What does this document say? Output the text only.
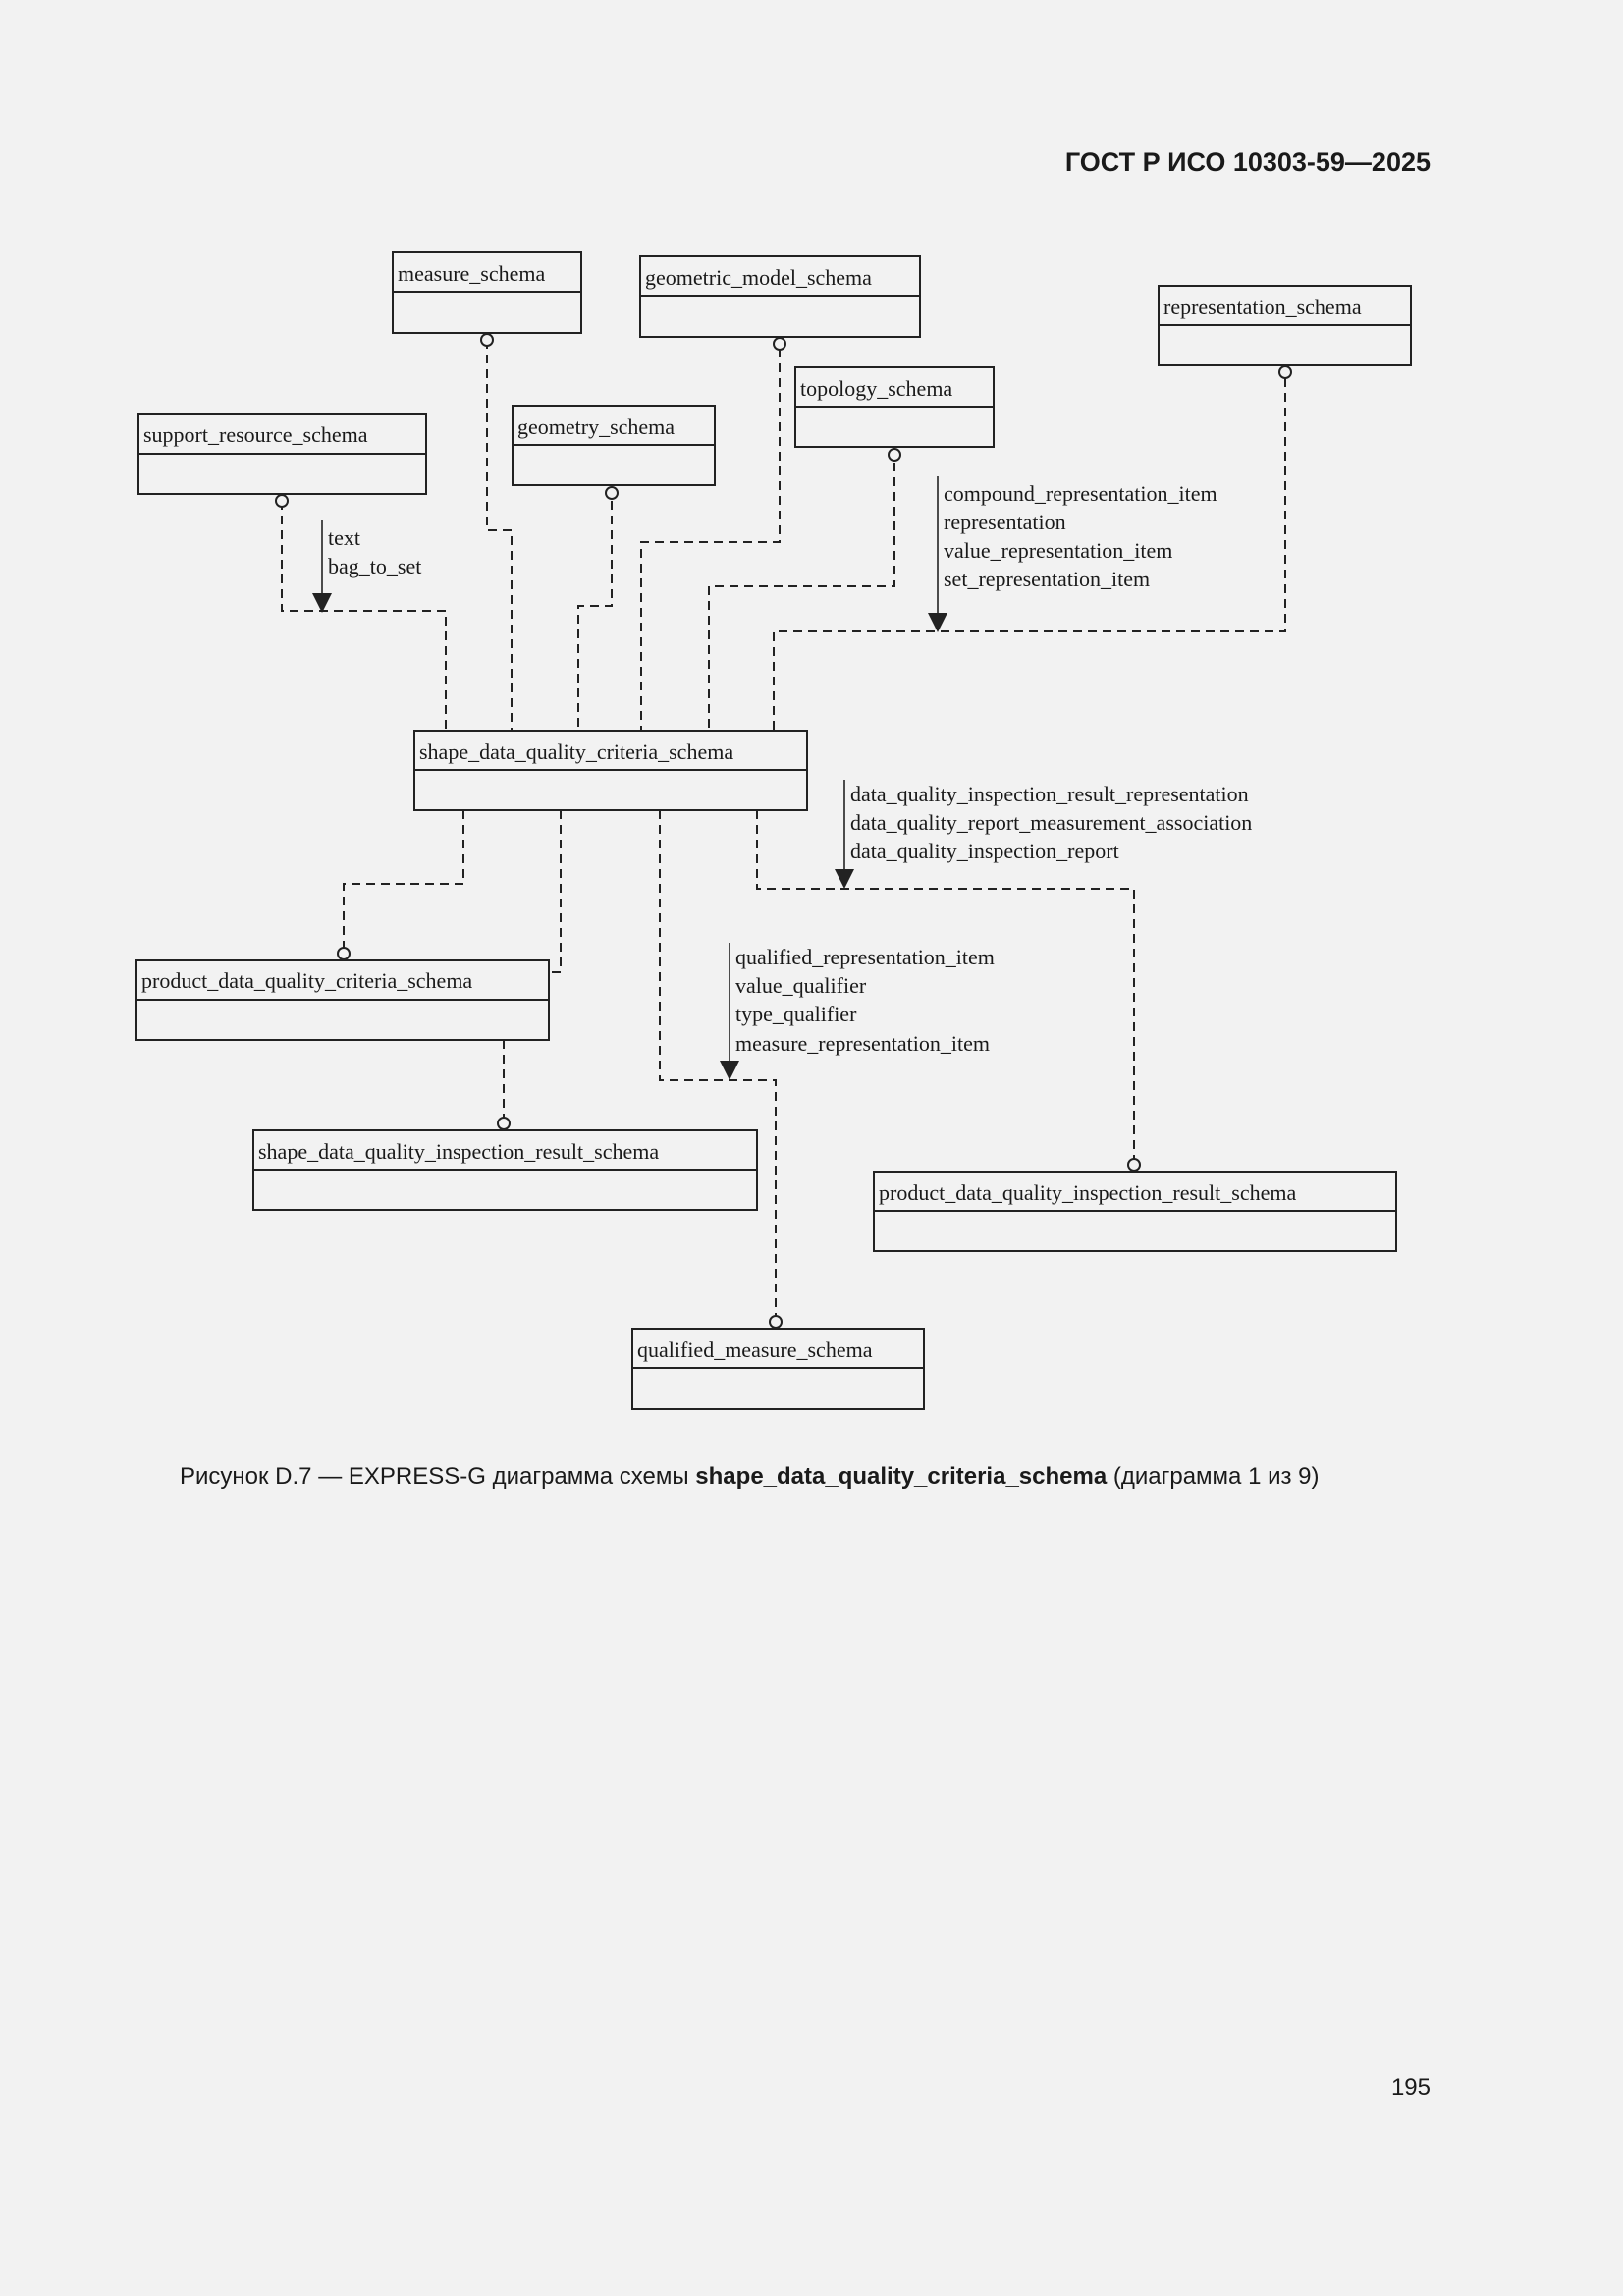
ГОСТ Р ИСО 10303-59—2025
measure_schema	geometric_model_schema
representation_schema
topology_schema
support_resource_schema	geometry_schema
shape_data_quality_criteria_schema
product_data_quality_criteria_schema
shape_data_quality_inspection_result_schema
product_data_quality_inspection_result_schema
qualified_measure_schema
text
bag_to_set
compound_representation_item
representation
value_representation_item
set_representation_item
data_quality_inspection_result_representation
data_quality_report_measurement_association
data_quality_inspection_report
qualified_representation_item
value_qualifier
type_qualifier
measure_representation_item
Рисунок D.7 — EXPRESS-G диаграмма схемы shape_data_quality_criteria_schema (диаграмма 1 из 9)
195
